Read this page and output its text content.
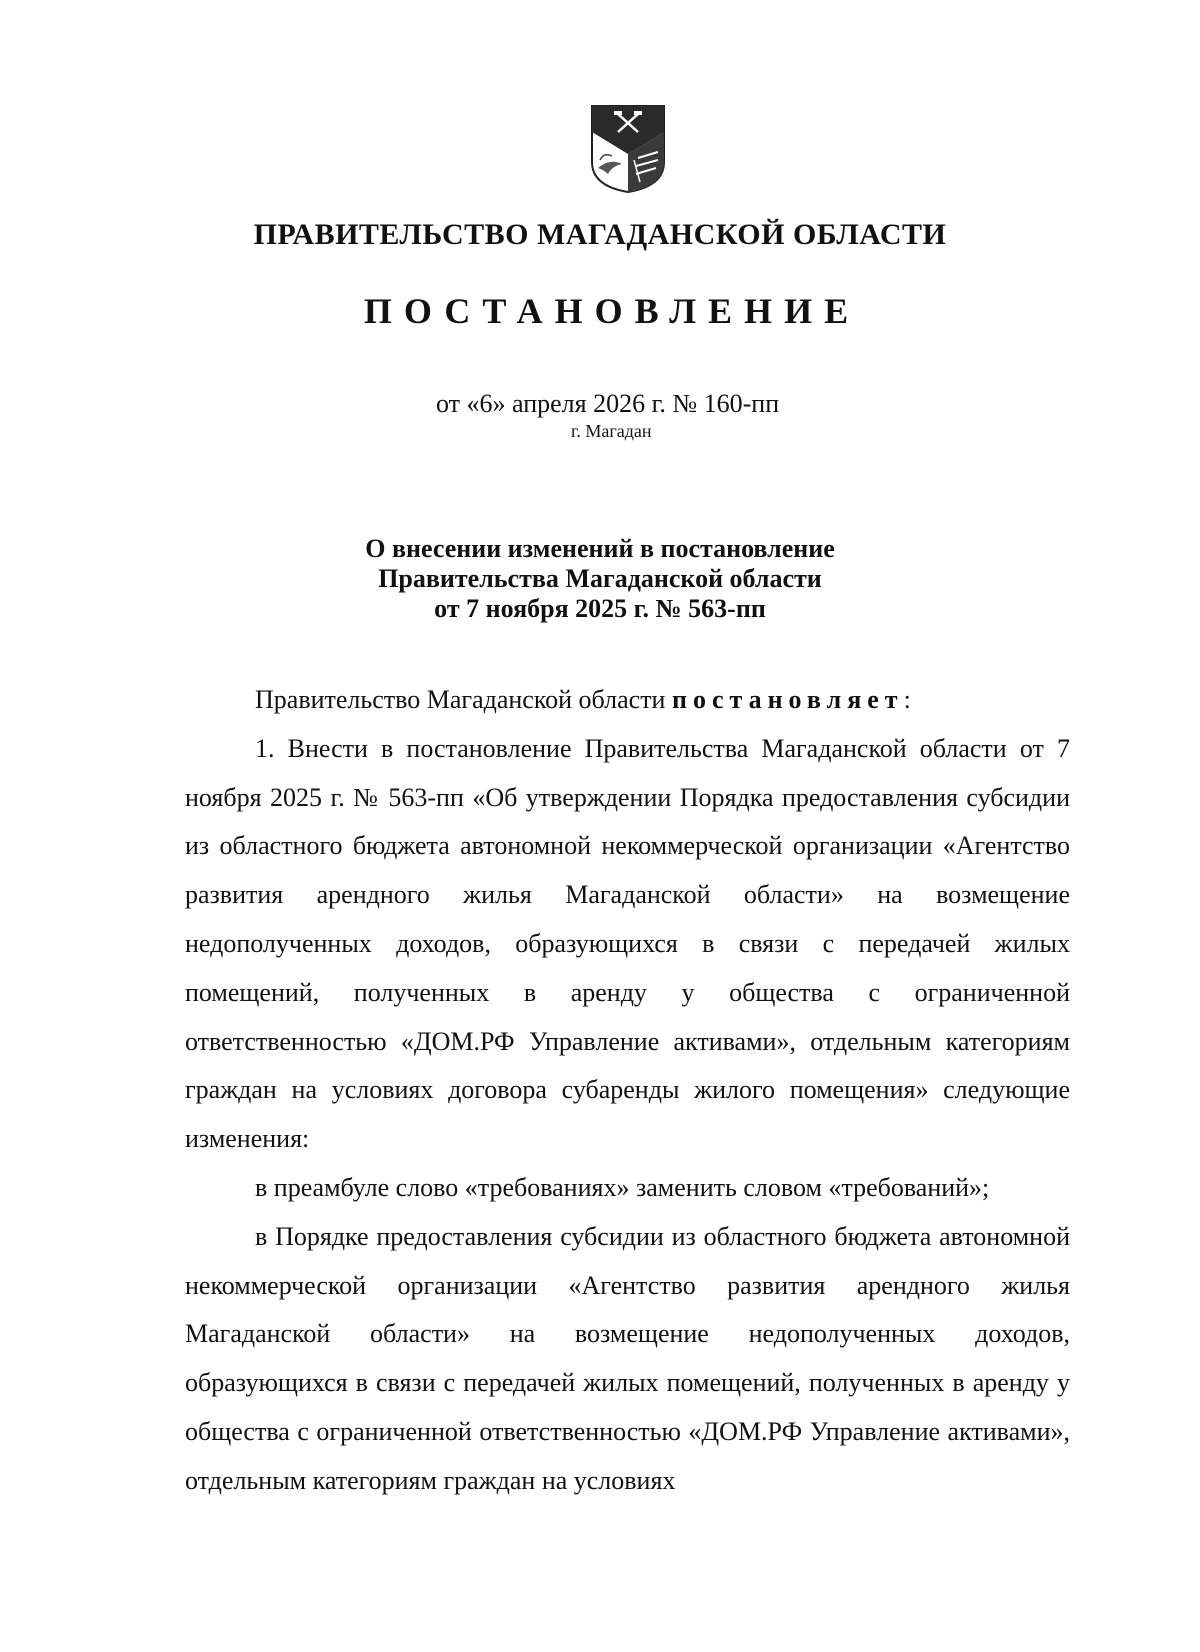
ПРАВИТЕЛЬСТВО МАГАДАНСКОЙ ОБЛАСТИ
ПОСТАНОВЛЕНИЕ
от «6» апреля 2026 г. № 160-пп
г. Магадан
О внесении изменений в постановление
Правительства Магаданской области
от 7 ноября 2025 г. № 563-пп

Правительство Магаданской области постановляет:

1. Внести в постановление Правительства Магаданской области от 7 ноября 2025 г. № 563-пп «Об утверждении Порядка предоставления субсидии из областного бюджета автономной некоммерческой организации «Агентство развития арендного жилья Магаданской области» на возмещение недополученных доходов, образующихся в связи с передачей жилых помещений, полученных в аренду у общества с ограниченной ответственностью «ДОМ.РФ Управление активами», отдельным категориям граждан на условиях договора субаренды жилого помещения» следующие изменения:

в преамбуле слово «требованиях» заменить словом «требований»;

в Порядке предоставления субсидии из областного бюджета автономной некоммерческой организации «Агентство развития арендного жилья Магаданской области» на возмещение недополученных доходов, образующихся в связи с передачей жилых помещений, полученных в аренду у общества с ограниченной ответственностью «ДОМ.РФ Управление активами», отдельным категориям граждан на условиях
